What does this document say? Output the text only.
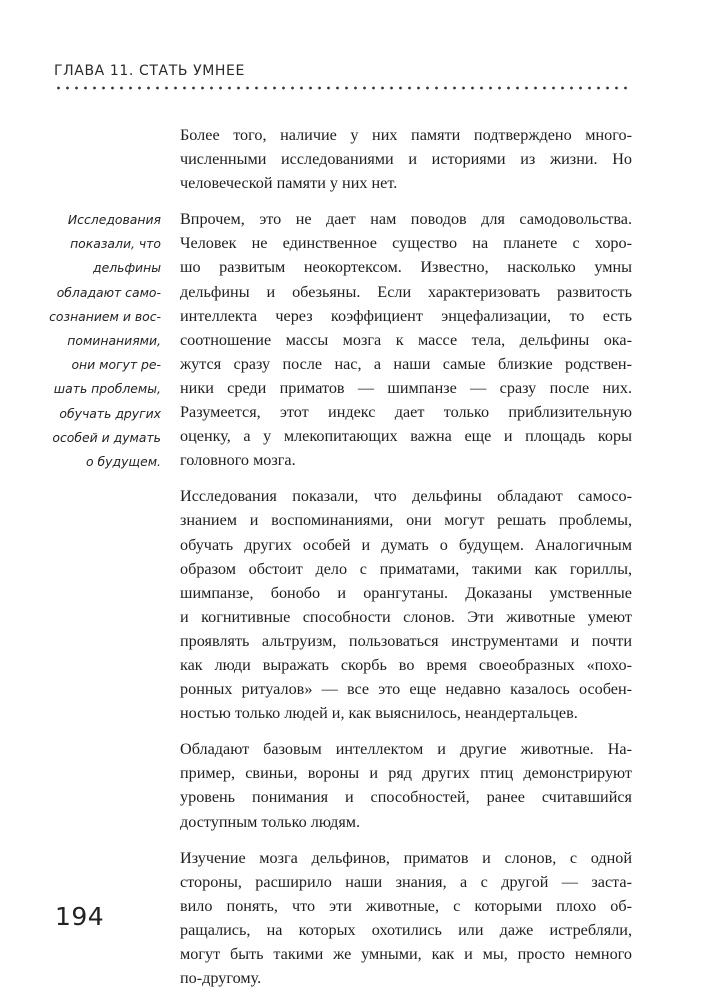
ГЛАВА 11. СТАТЬ УМНЕЕ
Исследования
показали, что
дельфины
обладают само-
сознанием и вос-
поминаниями,
они могут ре-
шать проблемы,
обучать других
особей и думать
о будущем.
Более того, наличие у них памяти подтверждено много-
численными исследованиями и историями из жизни. Но
человеческой памяти у них нет.
Впрочем, это не дает нам поводов для самодовольства.
Человек не единственное существо на планете с хоро-
шо развитым неокортексом. Известно, насколько умны
дельфины и обезьяны. Если характеризовать развитость
интеллекта через коэффициент энцефализации, то есть
соотношение массы мозга к массе тела, дельфины ока-
жутся сразу после нас, а наши самые близкие родствен-
ники среди приматов — шимпанзе — сразу после них.
Разумеется, этот индекс дает только приблизительную
оценку, а у млекопитающих важна еще и площадь коры
головного мозга.
Исследования показали, что дельфины обладают самосо-
знанием и воспоминаниями, они могут решать проблемы,
обучать других особей и думать о будущем. Аналогичным
образом обстоит дело с приматами, такими как гориллы,
шимпанзе, бонобо и орангутаны. Доказаны умственные
и когнитивные способности слонов. Эти животные умеют
проявлять альтруизм, пользоваться инструментами и почти
как люди выражать скорбь во время своеобразных «похо-
ронных ритуалов» — все это еще недавно казалось особен-
ностью только людей и, как выяснилось, неандертальцев.
Обладают базовым интеллектом и другие животные. На-
пример, свиньи, вороны и ряд других птиц демонстрируют
уровень понимания и способностей, ранее считавшийся
доступным только людям.
Изучение мозга дельфинов, приматов и слонов, с одной
стороны, расширило наши знания, а с другой — заста-
вило понять, что эти животные, с которыми плохо об-
ращались, на которых охотились или даже истребляли,
могут быть такими же умными, как и мы, просто немного
по-другому.
194
